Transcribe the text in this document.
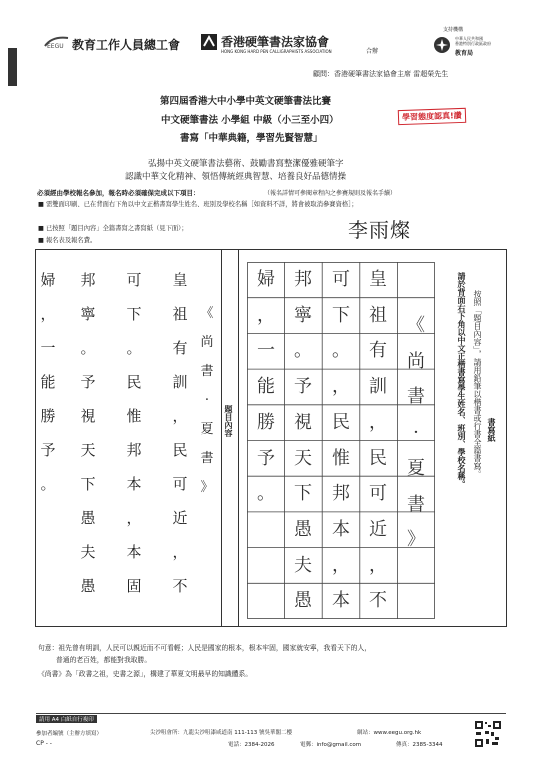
EEGU 教育工作人員總工會	香港硬筆書法家協會
HONG KONG HARD PEN CALLIGRAPHISTS ASSOCIATION	合辦
支持機構
中華人民共和國
香港特別行政區政府
教育局
顧問：香港硬筆書法家協會主席 雷超榮先生
第四屆香港大中小學中英文硬筆書法比賽
中文硬筆書法 小學組 中級（小三至小四）
書寫「中華典籍，學習先賢智慧」
學習態度認真!讚
弘揚中英文硬筆書法藝術、鼓勵書寫整潔優雅硬筆字
認識中華文化精神、領悟傳統經典智慧、培養良好品德情操
必須經由學校報名參加，報名時必須確保完成以下項目：	（報名詳情可參閱章程內之參賽規則及報名手續）
■ 需雙面印刷、已在背面右下角以中文正楷書寫學生姓名、班別及學校名稱［如資料不詳，將會被取消參賽資格］；
■ 已按照「題目內容」全篇書寫之書寫紙（見下面）；
■ 報名表及報名費。	李雨燦
皇
祖
有
訓
，
民
可
近
，
不
可
下
。
民
惟
邦
本
，
本
固
邦
寧
。
予
視
天
下
愚
夫
愚
婦
，
一
能
勝
予
。
《
尚
書
·
夏
書
》
題目內容
《
尚
書
·
夏
書
》
皇
祖
有
訓
，
民
可
近
，
不
可
下
。
，
民
惟
邦
本
，
本
邦
寧
。
予
視
天
下
愚
夫
愚
婦
，
一
能
勝
予
。
書寫紙
按照「題目內容」，請用鉛筆以楷書或行書全篇書寫。
請於背面右下角以中文正楷書寫學生姓名、班別、學校名稱。
句意：祖先曾有明訓，人民可以親近而不可看輕；人民是國家的根本，根本牢固，國家就安寧，我看天下的人，
普通的老百姓，都能對我取勝。
《尚書》為「政書之祖，史書之源」，構建了華夏文明最早的知識體系。
請用 A4 白紙自行複印
參加者編號（主辦方填寫）
CP - -
尖沙咀會所：九龍尖沙咀漆咸道南 111-113 號吳華閣二樓
電話：2384-2026	電郵：info@gmail.com
網站：www.eegu.org.hk
傳真：2385-3344
